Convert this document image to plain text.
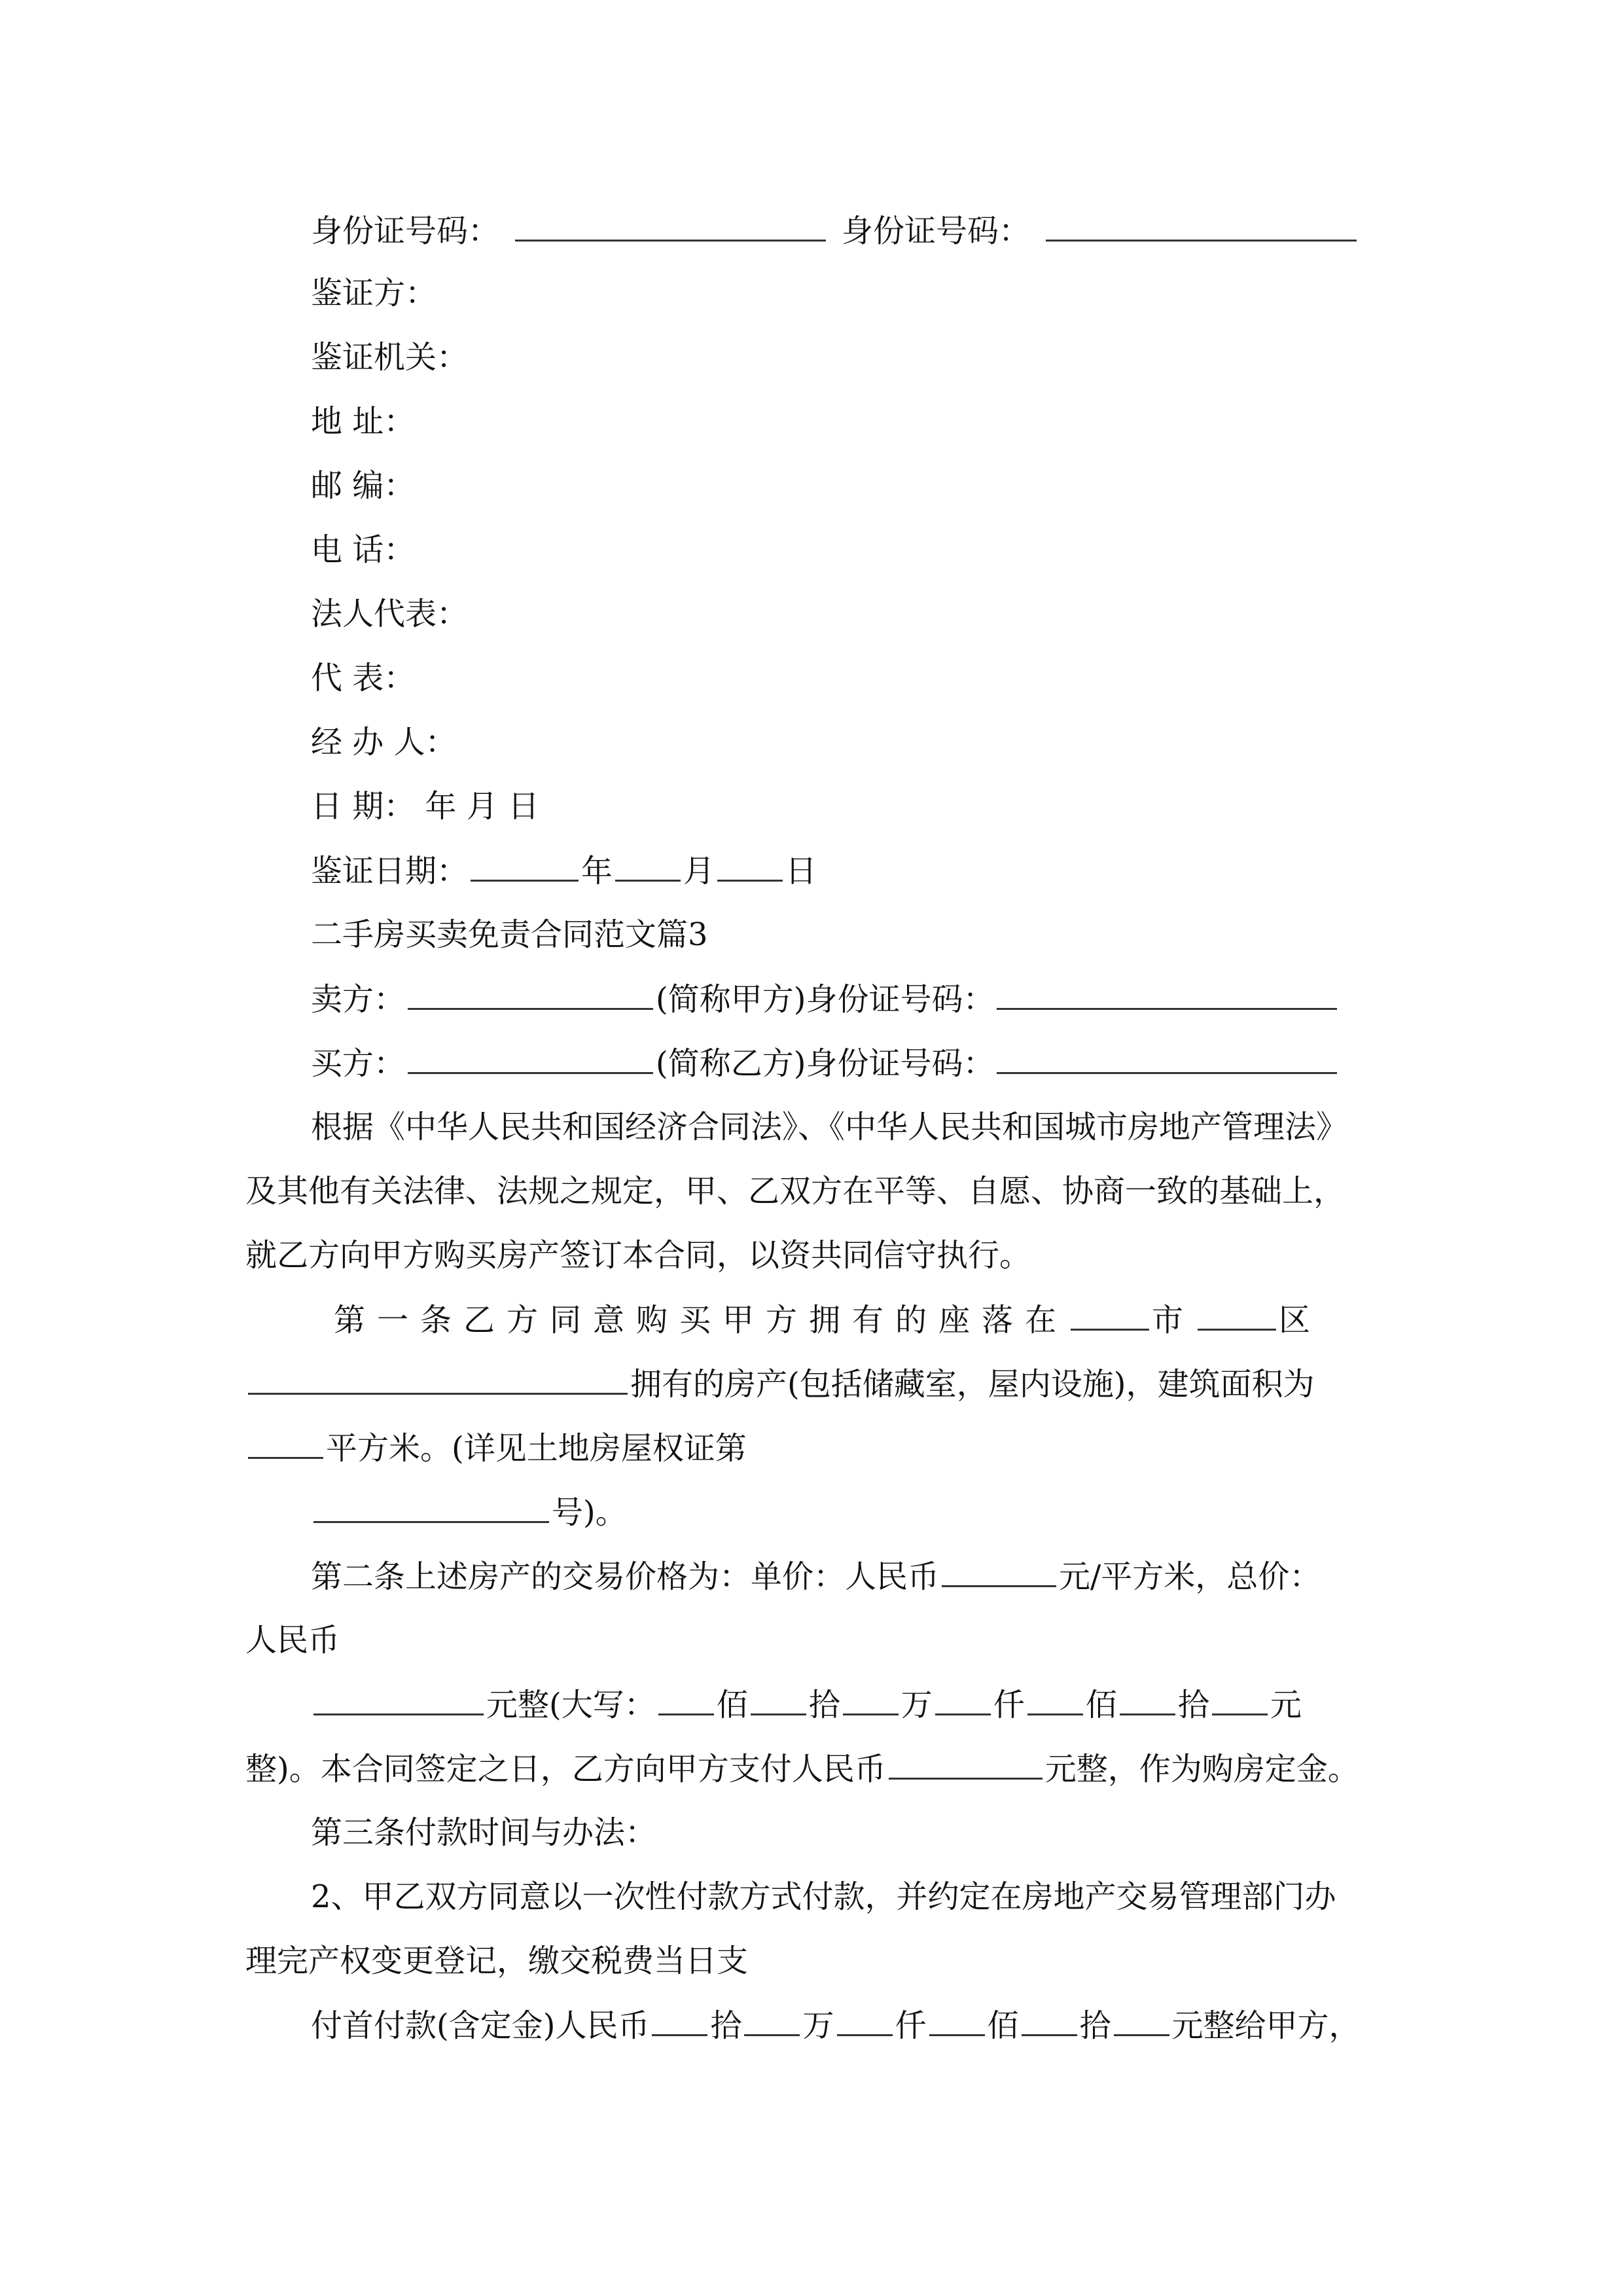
身份证号码：	身份证号码：
鉴证方：
鉴证机关：
地 址：
邮 编：
电 话：
法人代表：
代 表：
经 办 人：
日 期： 年 月 日
鉴证日期：	年 月 日
二手房买卖免责合同范文篇3
卖方：	(简称甲方)身份证号码：
买方：	(简称乙方)身份证号码：
根据《中华人民共和国经济合同法》、《中华人民共和国城市房地产管理法》
及其他有关法律、法规之规定，甲、乙双方在平等、自愿、协商一致的基础上，
就乙方向甲方购买房产签订本合同，以资共同信守执行。
第一条乙方同意购买甲方拥有的座落在	市	区
拥有的房产(包括储藏室，屋内设施)，建筑面积为
平方米。(详见土地房屋权证第
号)。
第二条上述房产的交易价格为：单价：人民币	元/平方米，总价：
人民币
元整(大写： 佰 拾 万 仟 佰 拾 元
整)。本合同签定之日，乙方向甲方支付人民币	元整，作为购房定金。
第三条付款时间与办法：
2、甲乙双方同意以一次性付款方式付款，并约定在房地产交易管理部门办
理完产权变更登记，缴交税费当日支
付首付款(含定金)人民币 拾 万 仟 佰 拾 元整给甲方，
